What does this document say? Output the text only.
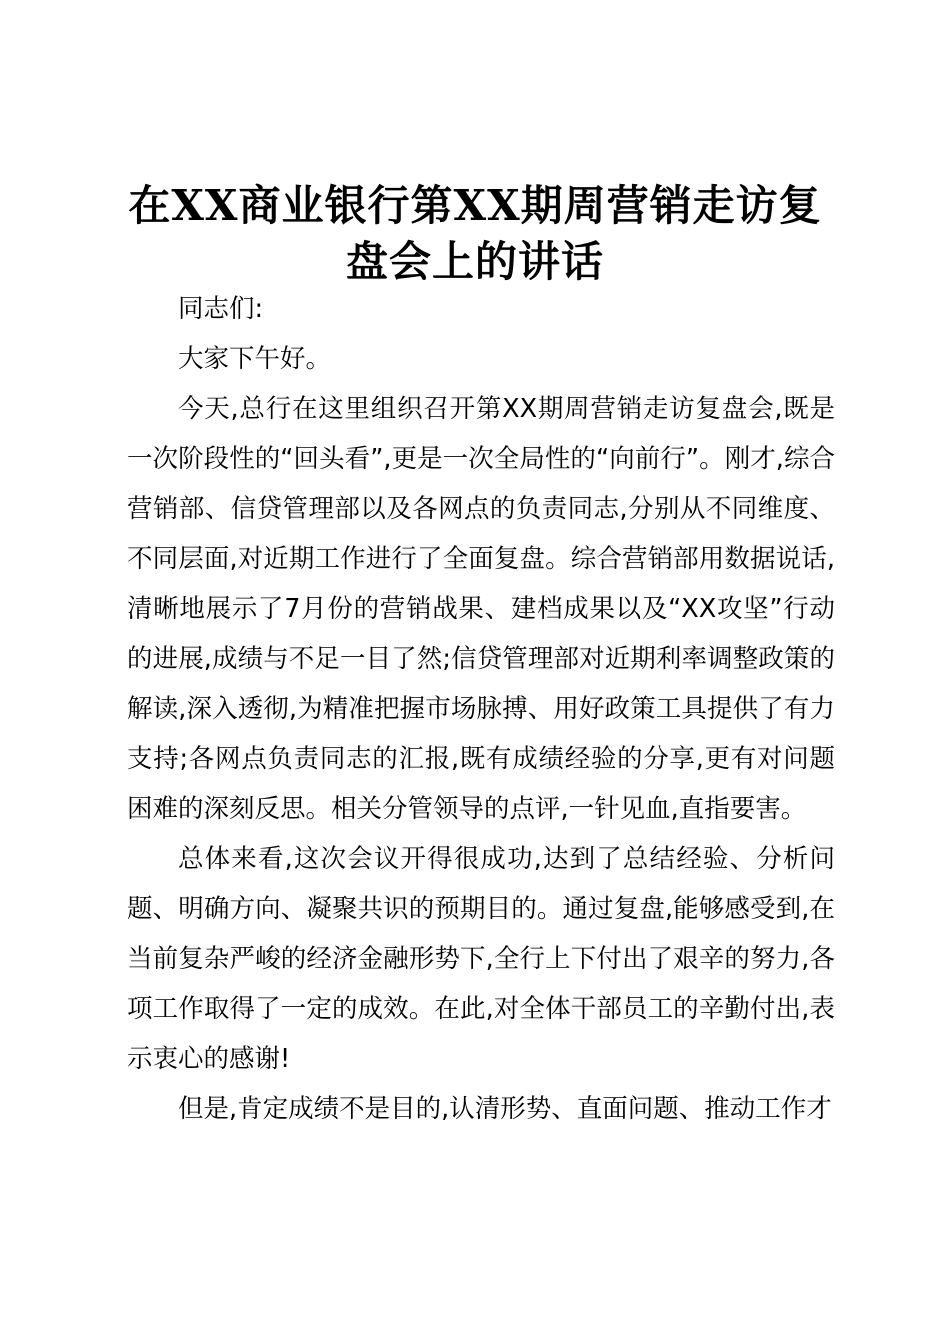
在XX商业银行第XX期周营销走访复盘会上的讲话

同志们:

大家下午好。

今天,总行在这里组织召开第XX期周营销走访复盘会,既是一次阶段性的“回头看”,更是一次全局性的“向前行”。刚才,综合营销部、信贷管理部以及各网点的负责同志,分别从不同维度、不同层面,对近期工作进行了全面复盘。综合营销部用数据说话,清晰地展示了7月份的营销战果、建档成果以及“XX攻坚”行动的进展,成绩与不足一目了然;信贷管理部对近期利率调整政策的解读,深入透彻,为精准把握市场脉搏、用好政策工具提供了有力支持;各网点负责同志的汇报,既有成绩经验的分享,更有对问题困难的深刻反思。相关分管领导的点评,一针见血,直指要害。

总体来看,这次会议开得很成功,达到了总结经验、分析问题、明确方向、凝聚共识的预期目的。通过复盘,能够感受到,在当前复杂严峻的经济金融形势下,全行上下付出了艰辛的努力,各项工作取得了一定的成效。在此,对全体干部员工的辛勤付出,表示衷心的感谢!

但是,肯定成绩不是目的,认清形势、直面问题、推动工作才
